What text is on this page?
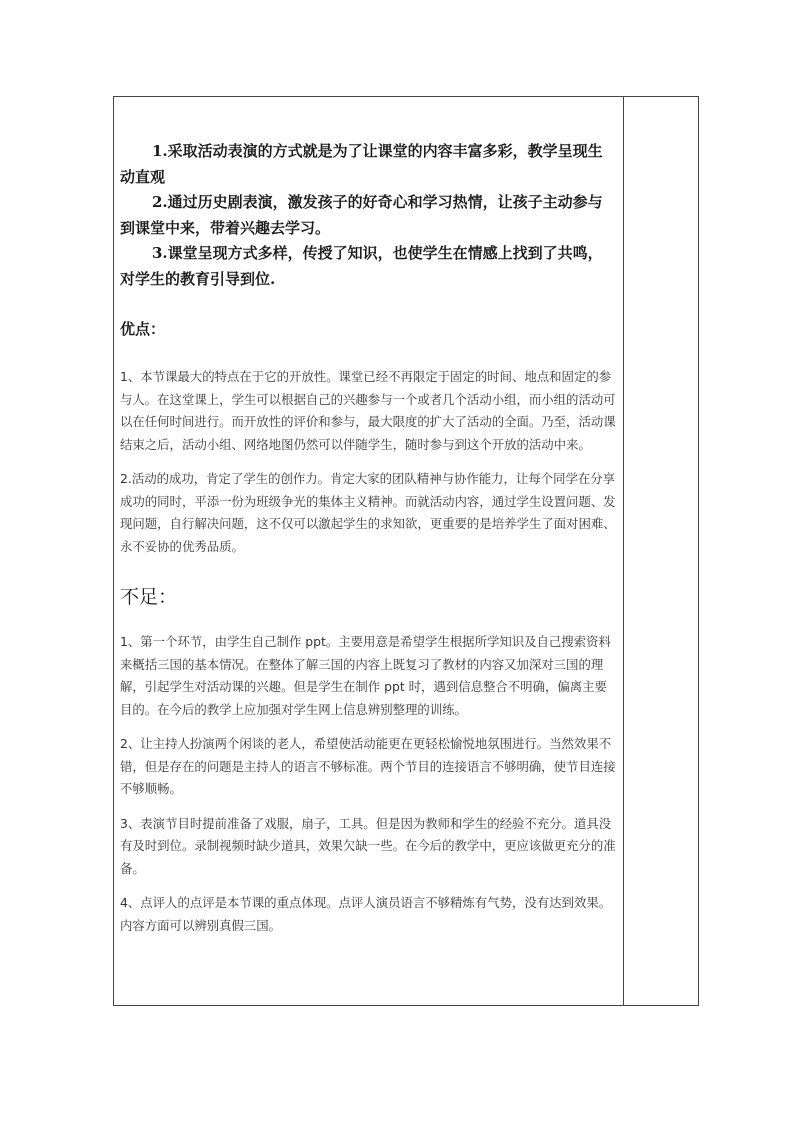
1.采取活动表演的方式就是为了让课堂的内容丰富多彩，教学呈现生动直观

2.通过历史剧表演，激发孩子的好奇心和学习热情，让孩子主动参与到课堂中来，带着兴趣去学习。

3.课堂呈现方式多样，传授了知识，也使学生在情感上找到了共鸣，对学生的教育引导到位.

优点：

1、本节课最大的特点在于它的开放性。课堂已经不再限定于固定的时间、地点和固定的参与人。在这堂课上，学生可以根据自己的兴趣参与一个或者几个活动小组，而小组的活动可以在任何时间进行。而开放性的评价和参与，最大限度的扩大了活动的全面。乃至，活动课结束之后，活动小组、网络地图仍然可以伴随学生，随时参与到这个开放的活动中来。

2.活动的成功，肯定了学生的创作力。肯定大家的团队精神与协作能力，让每个同学在分享成功的同时，平添一份为班级争光的集体主义精神。而就活动内容，通过学生设置问题、发现问题，自行解决问题，这不仅可以激起学生的求知欲，更重要的是培养学生了面对困难、永不妥协的优秀品质。

不足：

1、第一个环节，由学生自己制作 ppt。主要用意是希望学生根据所学知识及自己搜索资料来概括三国的基本情况。在整体了解三国的内容上既复习了教材的内容又加深对三国的理解，引起学生对活动课的兴趣。但是学生在制作 ppt 时，遇到信息整合不明确，偏离主要目的。在今后的教学上应加强对学生网上信息辨别整理的训练。

2、让主持人扮演两个闲谈的老人，希望使活动能更在更轻松愉悦地氛围进行。当然效果不错，但是存在的问题是主持人的语言不够标准。两个节目的连接语言不够明确，使节目连接不够顺畅。

3、表演节目时提前准备了戏服，扇子，工具。但是因为教师和学生的经验不充分。道具没有及时到位。录制视频时缺少道具，效果欠缺一些。在今后的教学中，更应该做更充分的准备。

4、点评人的点评是本节课的重点体现。点评人演员语言不够精炼有气势，没有达到效果。内容方面可以辨别真假三国。
